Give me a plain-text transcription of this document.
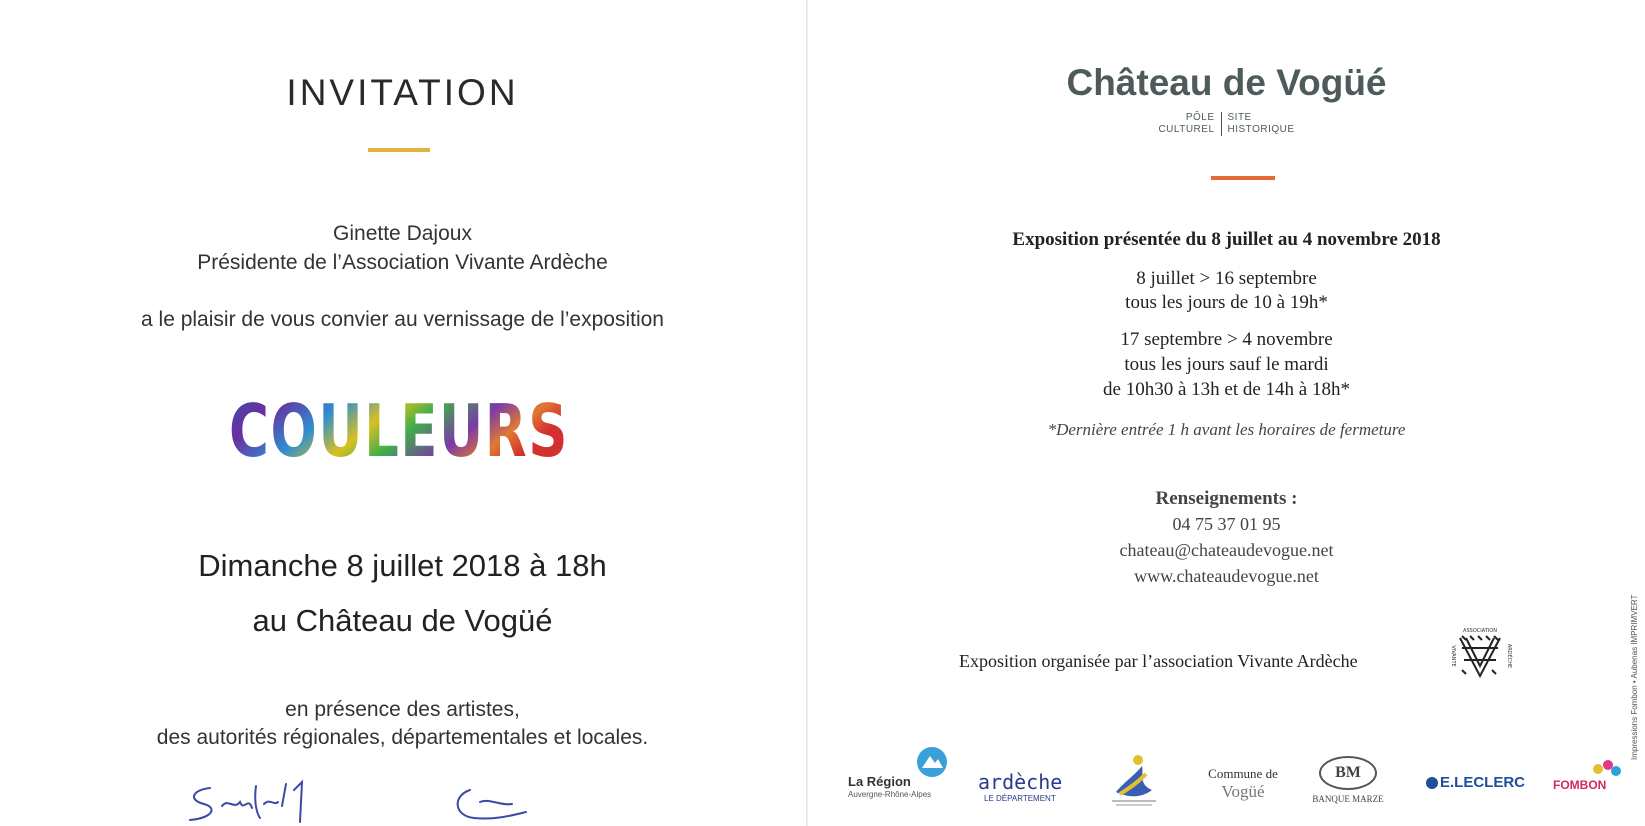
INVITATION
Ginette Dajoux
Présidente de l’Association Vivante Ardèche
a le plaisir de vous convier au vernissage de l’exposition
COULEURS
Dimanche 8 juillet 2018 à 18h
au Château de Vogüé
en présence des artistes,
des autorités régionales, départementales et locales.
Château de Vogüé
PÔLE
CULTUREL
SITE
HISTORIQUE
Exposition présentée du 8 juillet au 4 novembre 2018
8 juillet > 16 septembre
tous les jours de 10 à 19h*
17 septembre > 4 novembre
tous les jours sauf le mardi
de 10h30 à 13h et de 14h à 18h*
*Dernière entrée 1 h avant les horaires de fermeture
Renseignements :
04 75 37 01 95
chateau@chateaudevogue.net
www.chateaudevogue.net
Exposition organisée par l’association Vivante Ardèche
ASSOCIATION
VIVANTE	ARDÈCHE
La Région
Auvergne-Rhône-Alpes
ardèche
LE DÉPARTEMENT
Commune de
Vogüé
BM
BANQUE MARZE
E.LECLERC FOMBON
Impressions Fombon • Aubenas IMPRIMVERT
